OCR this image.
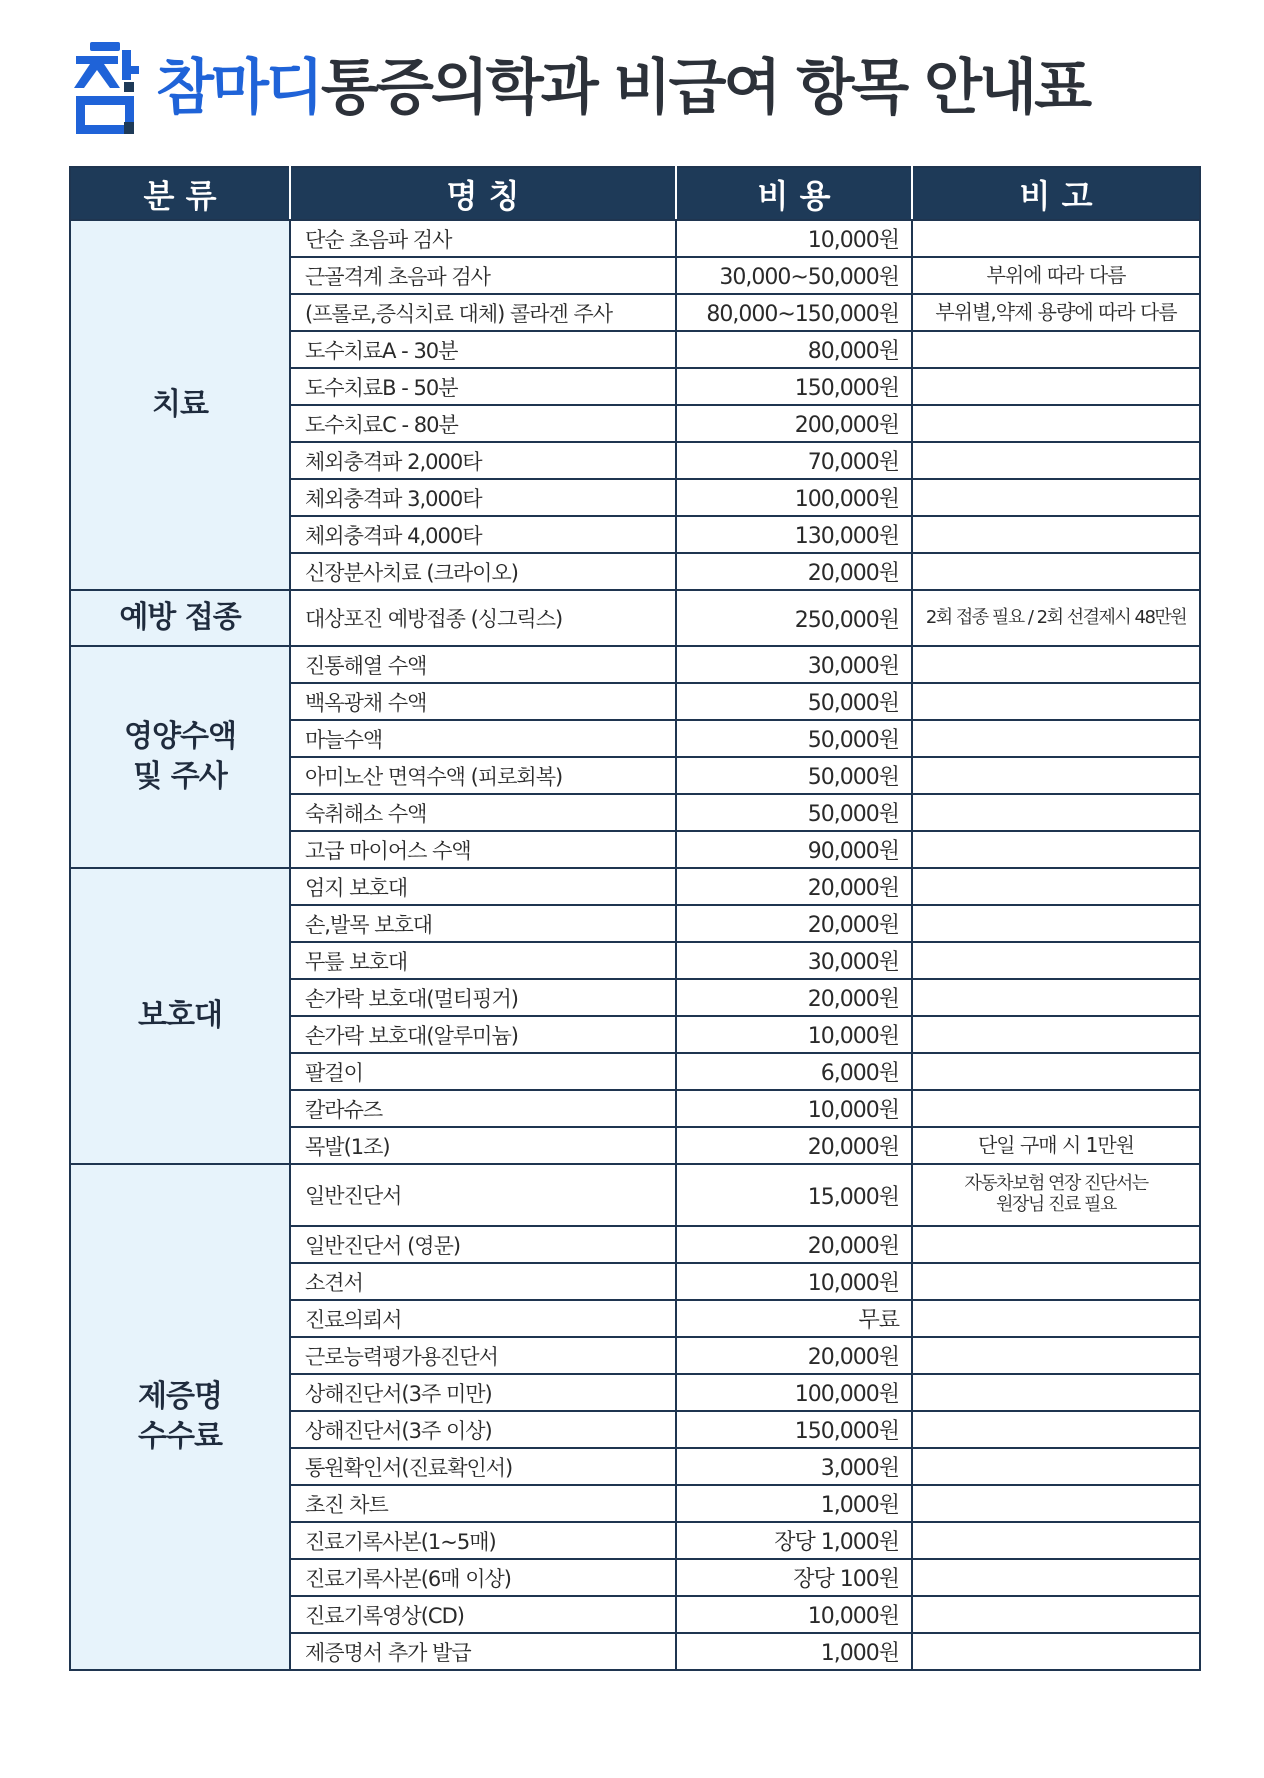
참마디통증의학과 비급여 항목 안내표
분 류	명 칭	비 용	비 고
치료	단순 초음파 검사	10,000원	
	근골격계 초음파 검사	30,000~50,000원	부위에 따라 다름
	(프롤로,증식치료 대체) 콜라겐 주사	80,000~150,000원	부위별,약제 용량에 따라 다름
	도수치료A - 30분	80,000원	
	도수치료B - 50분	150,000원	
	도수치료C - 80분	200,000원	
	체외충격파 2,000타	70,000원	
	체외충격파 3,000타	100,000원	
	체외충격파 4,000타	130,000원	
	신장분사치료 (크라이오)	20,000원	
예방 접종	대상포진 예방접종 (싱그릭스)	250,000원	2회 접종 필요 / 2회 선결제시 48만원
영양수액
및 주사	진통해열 수액	30,000원	
	백옥광채 수액	50,000원	
	마늘수액	50,000원	
	아미노산 면역수액 (피로회복)	50,000원	
	숙취해소 수액	50,000원	
	고급 마이어스 수액	90,000원	
보호대	엄지 보호대	20,000원	
	손,발목 보호대	20,000원	
	무릎 보호대	30,000원	
	손가락 보호대(멀티핑거)	20,000원	
	손가락 보호대(알루미늄)	10,000원	
	팔걸이	6,000원	
	칼라슈즈	10,000원	
	목발(1조)	20,000원	단일 구매 시 1만원
제증명
수수료	일반진단서	15,000원	자동차보험 연장 진단서는
원장님 진료 필요
	일반진단서 (영문)	20,000원	
	소견서	10,000원	
	진료의뢰서	무료	
	근로능력평가용진단서	20,000원	
	상해진단서(3주 미만)	100,000원	
	상해진단서(3주 이상)	150,000원	
	통원확인서(진료확인서)	3,000원	
	초진 차트	1,000원	
	진료기록사본(1~5매)	장당 1,000원	
	진료기록사본(6매 이상)	장당 100원	
	진료기록영상(CD)	10,000원	
	제증명서 추가 발급	1,000원	
